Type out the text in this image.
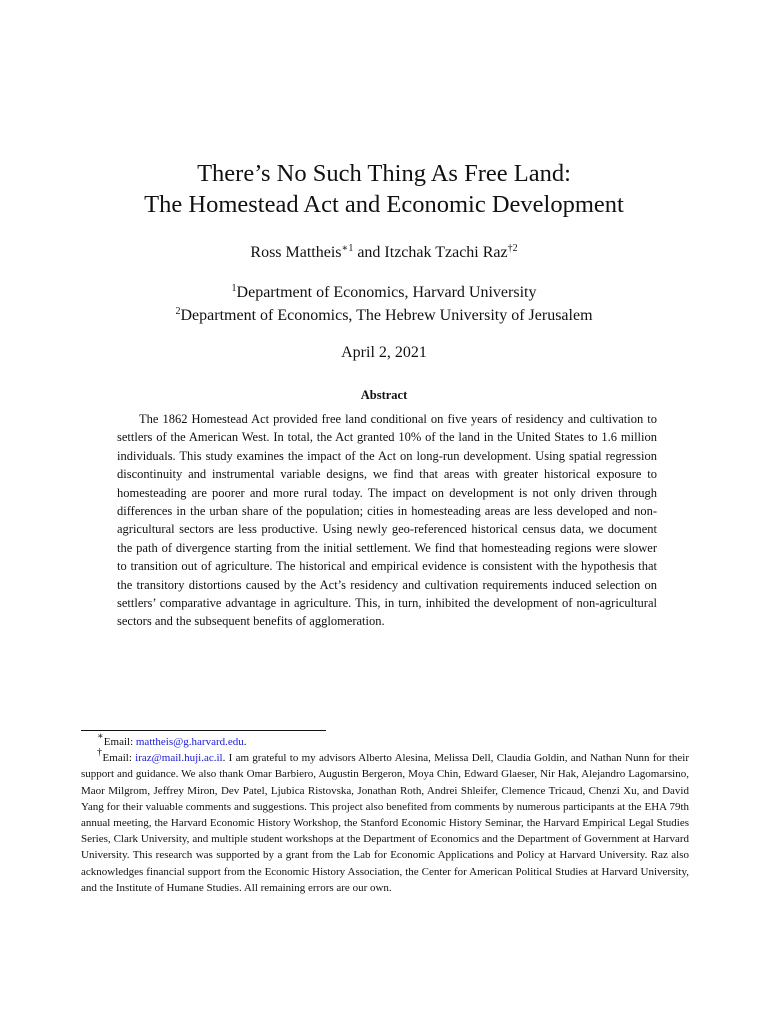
There’s No Such Thing As Free Land:
The Homestead Act and Economic Development
Ross Mattheis$^{∗1}$ and Itzchak Tzachi Raz$^{\dagger 2}$
$^1$Department of Economics, Harvard University
$^2$Department of Economics, The Hebrew University of Jerusalem
April 2, 2021
Abstract

The 1862 Homestead Act provided free land conditional on five years of residency and cultivation to settlers of the American West. In total, the Act granted 10% of the land in the United States to 1.6 million individuals. This study examines the impact of the Act on long-run development. Using spatial regression discontinuity and instrumental variable designs, we find that areas with greater historical exposure to homesteading are poorer and more rural today. The impact on development is not only driven through differences in the urban share of the population; cities in homesteading areas are less developed and non-agricultural sectors are less productive. Using newly geo-referenced historical census data, we document the path of divergence starting from the initial settlement. We find that homesteading regions were slower to transition out of agriculture. The historical and empirical evidence is consistent with the hypothesis that the transitory distortions caused by the Act’s residency and cultivation requirements induced selection on settlers’ comparative advantage in agriculture. This, in turn, inhibited the development of non-agricultural sectors and the subsequent benefits of agglomeration.

∗Email: mattheis@g.harvard.edu.

†Email: iraz@mail.huji.ac.il. I am grateful to my advisors Alberto Alesina, Melissa Dell, Claudia Goldin, and Nathan Nunn for their support and guidance. We also thank Omar Barbiero, Augustin Bergeron, Moya Chin, Edward Glaeser, Nir Hak, Alejandro Lagomarsino, Maor Milgrom, Jeffrey Miron, Dev Patel, Ljubica Ristovska, Jonathan Roth, Andrei Shleifer, Clemence Tricaud, Chenzi Xu, and David Yang for their valuable comments and suggestions. This project also benefited from comments by numerous participants at the EHA 79th annual meeting, the Harvard Economic History Workshop, the Stanford Economic History Seminar, the Harvard Empirical Legal Studies Series, Clark University, and multiple student workshops at the Department of Economics and the Department of Government at Harvard University. This research was supported by a grant from the Lab for Economic Applications and Policy at Harvard University. Raz also acknowledges financial support from the Economic History Association, the Center for American Political Studies at Harvard University, and the Institute of Humane Studies. All remaining errors are our own.
